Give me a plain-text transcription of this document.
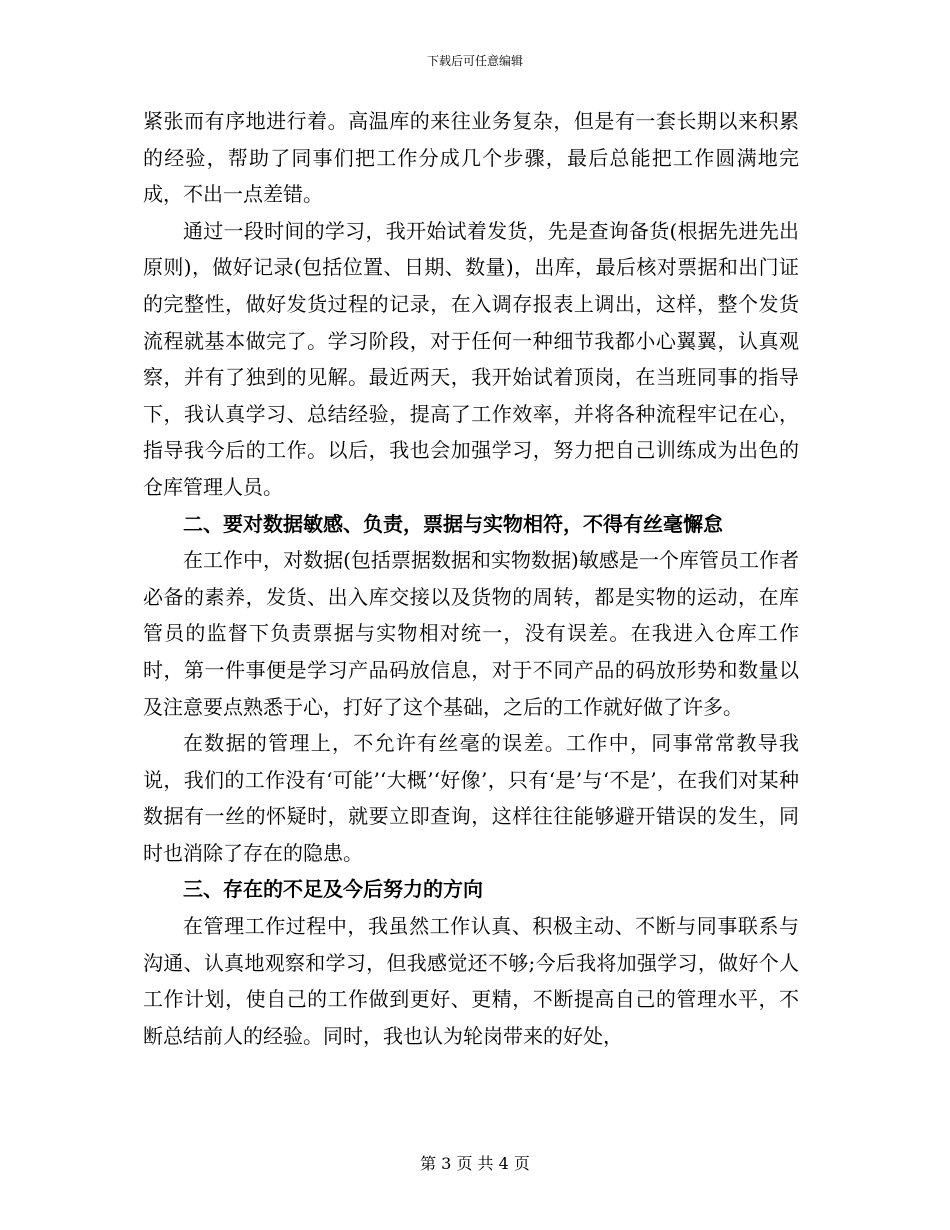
下载后可任意编辑

紧张而有序地进行着。高温库的来往业务复杂，但是有一套长期以来积累的经验，帮助了同事们把工作分成几个步骤，最后总能把工作圆满地完成，不出一点差错。

通过一段时间的学习，我开始试着发货，先是查询备货(根据先进先出原则)，做好记录(包括位置、日期、数量)，出库，最后核对票据和出门证的完整性，做好发货过程的记录，在入调存报表上调出，这样，整个发货流程就基本做完了。学习阶段，对于任何一种细节我都小心翼翼，认真观察，并有了独到的见解。最近两天，我开始试着顶岗，在当班同事的指导下，我认真学习、总结经验，提高了工作效率，并将各种流程牢记在心，指导我今后的工作。以后，我也会加强学习，努力把自己训练成为出色的仓库管理人员。

二、要对数据敏感、负责，票据与实物相符，不得有丝毫懈怠

在工作中，对数据(包括票据数据和实物数据)敏感是一个库管员工作者必备的素养，发货、出入库交接以及货物的周转，都是实物的运动，在库管员的监督下负责票据与实物相对统一，没有误差。在我进入仓库工作时，第一件事便是学习产品码放信息，对于不同产品的码放形势和数量以及注意要点熟悉于心，打好了这个基础，之后的工作就好做了许多。

在数据的管理上，不允许有丝毫的误差。工作中，同事常常教导我说，我们的工作没有‘可能’‘大概’‘好像’，只有‘是’与‘不是’，在我们对某种数据有一丝的怀疑时，就要立即查询，这样往往能够避开错误的发生，同时也消除了存在的隐患。

三、存在的不足及今后努力的方向

在管理工作过程中，我虽然工作认真、积极主动、不断与同事联系与沟通、认真地观察和学习，但我感觉还不够;今后我将加强学习，做好个人工作计划，使自己的工作做到更好、更精，不断提高自己的管理水平，不断总结前人的经验。同时，我也认为轮岗带来的好处，

第 3 页 共 4 页
